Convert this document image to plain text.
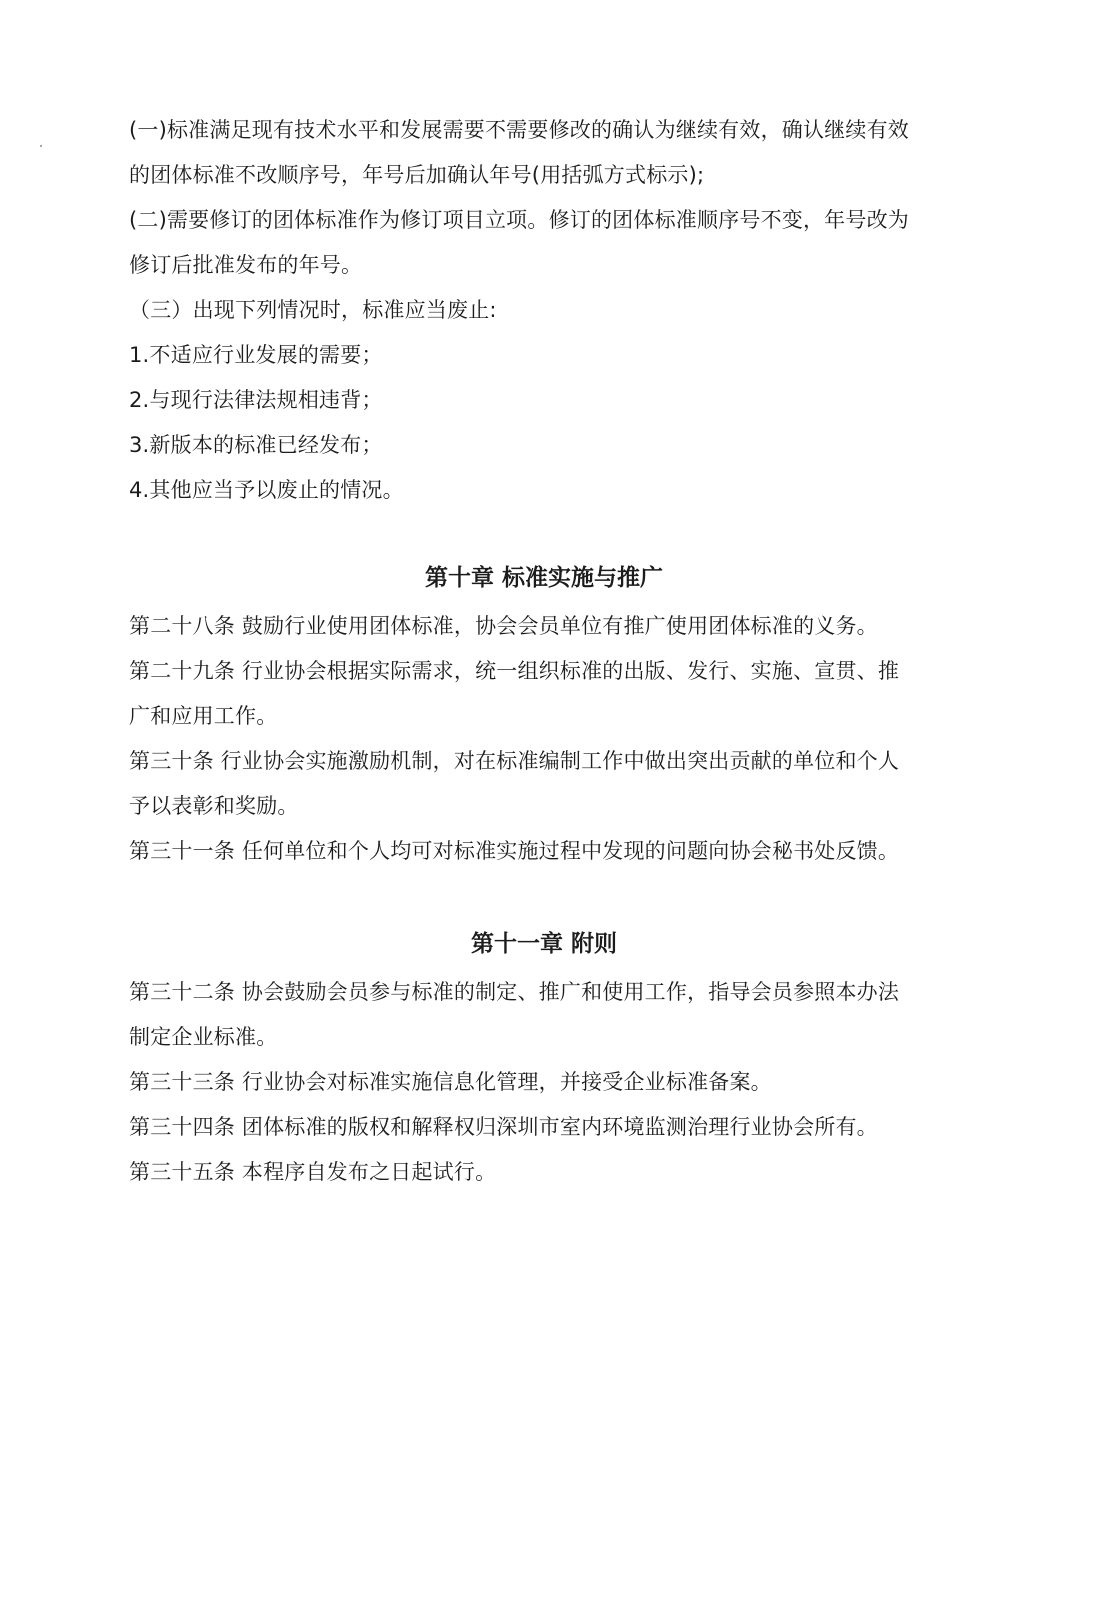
(一)标准满足现有技术水平和发展需要不需要修改的确认为继续有效，确认继续有效
的团体标准不改顺序号，年号后加确认年号(用括弧方式标示);
(二)需要修订的团体标准作为修订项目立项。修订的团体标准顺序号不变，年号改为
修订后批准发布的年号。
（三）出现下列情况时，标准应当废止:
1.不适应行业发展的需要；
2.与现行法律法规相违背；
3.新版本的标准已经发布；
4.其他应当予以废止的情况。
第十章 标准实施与推广
第二十八条 鼓励行业使用团体标准，协会会员单位有推广使用团体标准的义务。
第二十九条 行业协会根据实际需求，统一组织标准的出版、发行、实施、宣贯、推
广和应用工作。
第三十条 行业协会实施激励机制，对在标准编制工作中做出突出贡献的单位和个人
予以表彰和奖励。
第三十一条 任何单位和个人均可对标准实施过程中发现的问题向协会秘书处反馈。
第十一章 附则
第三十二条 协会鼓励会员参与标准的制定、推广和使用工作，指导会员参照本办法
制定企业标准。
第三十三条 行业协会对标准实施信息化管理，并接受企业标准备案。
第三十四条 团体标准的版权和解释权归深圳市室内环境监测治理行业协会所有。
第三十五条 本程序自发布之日起试行。
